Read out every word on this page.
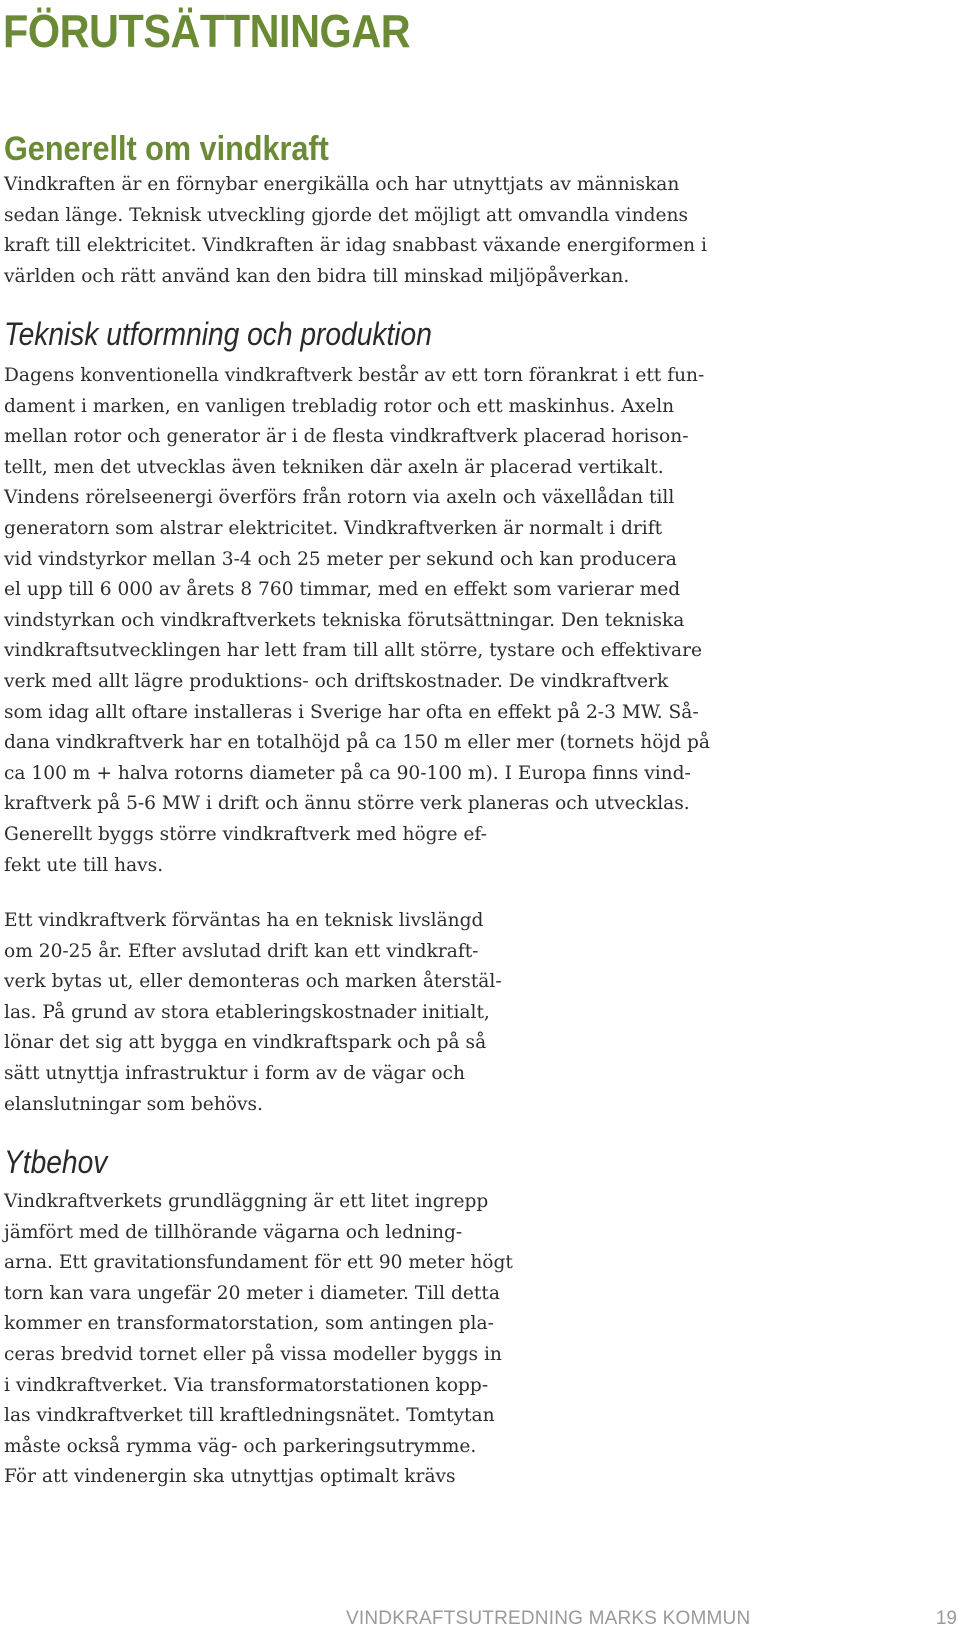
FÖRUTSÄTTNINGAR
Generellt om vindkraft

Vindkraften är en förnybar energikälla och har utnyttjats av människan
sedan länge. Teknisk utveckling gjorde det möjligt att omvandla vindens
kraft till elektricitet. Vindkraften är idag snabbast växande energiformen i
världen och rätt använd kan den bidra till minskad miljöpåverkan.

Teknisk utformning och produktion

Dagens konventionella vindkraftverk består av ett torn förankrat i ett fun-
dament i marken, en vanligen trebladig rotor och ett maskinhus. Axeln
mellan rotor och generator är i de flesta vindkraftverk placerad horison-
tellt, men det utvecklas även tekniken där axeln är placerad vertikalt.
Vindens rörelseenergi överförs från rotorn via axeln och växellådan till
generatorn som alstrar elektricitet. Vindkraftverken är normalt i drift
vid vindstyrkor mellan 3-4 och 25 meter per sekund och kan producera
el upp till 6 000 av årets 8 760 timmar, med en effekt som varierar med
vindstyrkan och vindkraftverkets tekniska förutsättningar. Den tekniska
vindkraftsutvecklingen har lett fram till allt större, tystare och effektivare
verk med allt lägre produktions- och driftskostnader. De vindkraftverk
som idag allt oftare installeras i Sverige har ofta en effekt på 2-3 MW. Så-
dana vindkraftverk har en totalhöjd på ca 150 m eller mer (tornets höjd på
ca 100 m + halva rotorns diameter på ca 90-100 m). I Europa finns vind-
kraftverk på 5-6 MW i drift och ännu större verk planeras och utvecklas.
Generellt byggs större vindkraftverk med högre ef-
fekt ute till havs.

Ett vindkraftverk förväntas ha en teknisk livslängd
om 20-25 år. Efter avslutad drift kan ett vindkraft-
verk bytas ut, eller demonteras och marken återstäl-
las. På grund av stora etableringskostnader initialt,
lönar det sig att bygga en vindkraftspark och på så
sätt utnyttja infrastruktur i form av de vägar och
elanslutningar som behövs.

Ytbehov

Vindkraftverkets grundläggning är ett litet ingrepp
jämfört med de tillhörande vägarna och ledning-
arna. Ett gravitationsfundament för ett 90 meter högt
torn kan vara ungefär 20 meter i diameter. Till detta
kommer en transformatorstation, som antingen pla-
ceras bredvid tornet eller på vissa modeller byggs in
i vindkraftverket. Via transformatorstationen kopp-
las vindkraftverket till kraftledningsnätet. Tomtytan
måste också rymma väg- och parkeringsutrymme.
För att vindenergin ska utnyttjas optimalt krävs

VINDKRAFTSUTREDNING MARKS KOMMUN	19
